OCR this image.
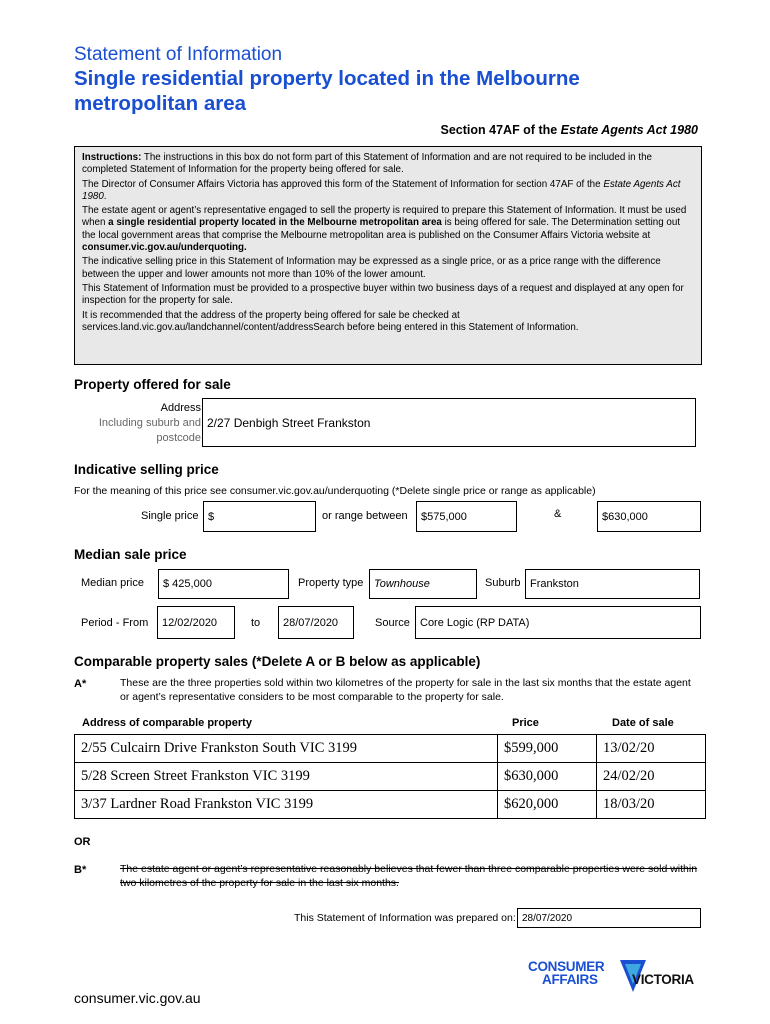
Statement of Information
Single residential property located in the Melbourne
metropolitan area
Section 47AF of the Estate Agents Act 1980

Instructions: The instructions in this box do not form part of this Statement of Information and are not required to be included in the completed Statement of Information for the property being offered for sale.

The Director of Consumer Affairs Victoria has approved this form of the Statement of Information for section 47AF of the Estate Agents Act 1980.

The estate agent or agent’s representative engaged to sell the property is required to prepare this Statement of Information. It must be used when a single residential property located in the Melbourne metropolitan area is being offered for sale. The Determination setting out the local government areas that comprise the Melbourne metropolitan area is published on the Consumer Affairs Victoria website at consumer.vic.gov.au/underquoting.

The indicative selling price in this Statement of Information may be expressed as a single price, or as a price range with the difference between the upper and lower amounts not more than 10% of the lower amount.

This Statement of Information must be provided to a prospective buyer within two business days of a request and displayed at any open for inspection for the property for sale.

It is recommended that the address of the property being offered for sale be checked at services.land.vic.gov.au/landchannel/content/addressSearch before being entered in this Statement of Information.

Property offered for sale
Address
Including suburb and
postcode
2/27 Denbigh Street Frankston
Indicative selling price
For the meaning of this price see consumer.vic.gov.au/underquoting (*Delete single price or range as applicable)
Single price $	or range between	$575,000	&	$630,000
Median sale price
Median price	$ 425,000	Property type Townhouse	Suburb Frankston
Period - From	12/02/2020	to	28/07/2020	Source Core Logic (RP DATA)
Comparable property sales (*Delete A or B below as applicable)
A*	These are the three properties sold within two kilometres of the property for sale in the last six months that the estate agent or agent’s representative considers to be most comparable to the property for sale.
Address of comparable property	Price	Date of sale
2/55 Culcairn Drive Frankston South VIC 3199	$599,000	13/02/20
5/28 Screen Street Frankston VIC 3199	$630,000	24/02/20
3/37 Lardner Road Frankston VIC 3199	$620,000	18/03/20
OR
B*	The estate agent or agent’s representative reasonably believes that fewer than three comparable properties were sold within two kilometres of the property for sale in the last six months.
This Statement of Information was prepared on: 28/07/2020
CONSUMER
AFFAIRS	VICTORIA
consumer.vic.gov.au
